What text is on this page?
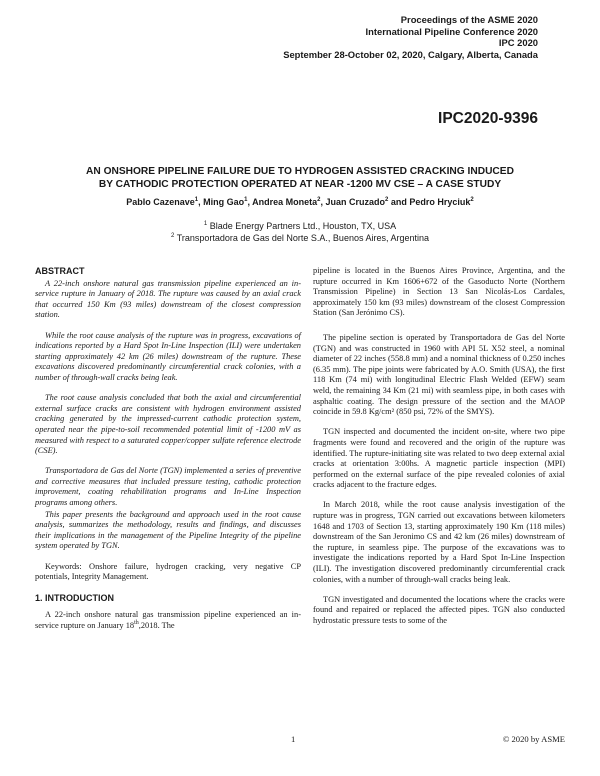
Proceedings of the ASME 2020
International Pipeline Conference 2020
IPC 2020
September 28-October 02, 2020, Calgary, Alberta, Canada
IPC2020-9396
AN ONSHORE PIPELINE FAILURE DUE TO HYDROGEN ASSISTED CRACKING INDUCED
BY CATHODIC PROTECTION OPERATED AT NEAR -1200 MV CSE – A CASE STUDY
Pablo Cazenave$^1$, Ming Gao$^1$, Andrea Moneta$^2$, Juan Cruzado$^2$ and Pedro Hryciuk$^2$
$^1$ Blade Energy Partners Ltd., Houston, TX, USA
$^2$ Transportadora de Gas del Norte S.A., Buenos Aires, Argentina
ABSTRACT

A 22-inch onshore natural gas transmission pipeline experienced an in-service rupture in January of 2018. The rupture was caused by an axial crack that occurred 150 Km (93 miles) downstream of the closest compression station.

While the root cause analysis of the rupture was in progress, excavations of indications reported by a Hard Spot In-Line Inspection (ILI) were undertaken starting approximately 42 km (26 miles) downstream of the rupture. These excavations discovered predominantly circumferential crack colonies, with a number of through-wall cracks being leak.

The root cause analysis concluded that both the axial and circumferential external surface cracks are consistent with hydrogen environment assisted cracking generated by the impressed-current cathodic protection system, operated near the pipe-to-soil recommended potential limit of -1200 mV as measured with respect to a saturated copper/copper sulfate reference electrode (CSE).

Transportadora de Gas del Norte (TGN) implemented a series of preventive and corrective measures that included pressure testing, cathodic protection improvement, coating rehabilitation programs and In-Line Inspection programs among others.

This paper presents the background and approach used in the root cause analysis, summarizes the methodology, results and findings, and discusses their implications in the management of the Pipeline Integrity of the pipeline system operated by TGN.

Keywords: Onshore failure, hydrogen cracking, very negative CP potentials, Integrity Management.

1. INTRODUCTION

A 22-inch onshore natural gas transmission pipeline experienced an in-service rupture on January 18th,2018. The

pipeline is located in the Buenos Aires Province, Argentina, and the rupture occurred in Km 1606+672 of the Gasoducto Norte (Northern Transmission Pipeline) in Section 13 San Nicolás-Los Cardales, approximately 150 km (93 miles) downstream of the closest Compression Station (San Jerónimo CS).

The pipeline section is operated by Transportadora de Gas del Norte (TGN) and was constructed in 1960 with API 5L X52 steel, a nominal diameter of 22 inches (558.8 mm) and a nominal thickness of 0.250 inches (6.35 mm). The pipe joints were fabricated by A.O. Smith (USA), the first 118 Km (74 mi) with longitudinal Electric Flash Welded (EFW) seam weld, the remaining 34 Km (21 mi) with seamless pipe, in both cases with asphaltic coating. The design pressure of the section and the MAOP coincide in 59.8 Kg/cm² (850 psi, 72% of the SMYS).

TGN inspected and documented the incident on-site, where two pipe fragments were found and recovered and the origin of the rupture was identified. The rupture-initiating site was related to two deep external axial cracks at orientation 3:00hs. A magnetic particle inspection (MPI) performed on the external surface of the pipe revealed colonies of axial cracks adjacent to the fracture edges.

In March 2018, while the root cause analysis investigation of the rupture was in progress, TGN carried out excavations between kilometers 1648 and 1703 of Section 13, starting approximately 190 Km (118 miles) downstream of the San Jeronimo CS and 42 km (26 miles) downstream of the rupture, in seamless pipe. The purpose of the excavations was to investigate the indications reported by a Hard Spot In-Line Inspection (ILI). The investigation discovered predominantly circumferential crack colonies, with a number of through-wall cracks being leak.

TGN investigated and documented the locations where the cracks were found and repaired or replaced the affected pipes. TGN also conducted hydrostatic pressure tests to some of the

1	© 2020 by ASME
